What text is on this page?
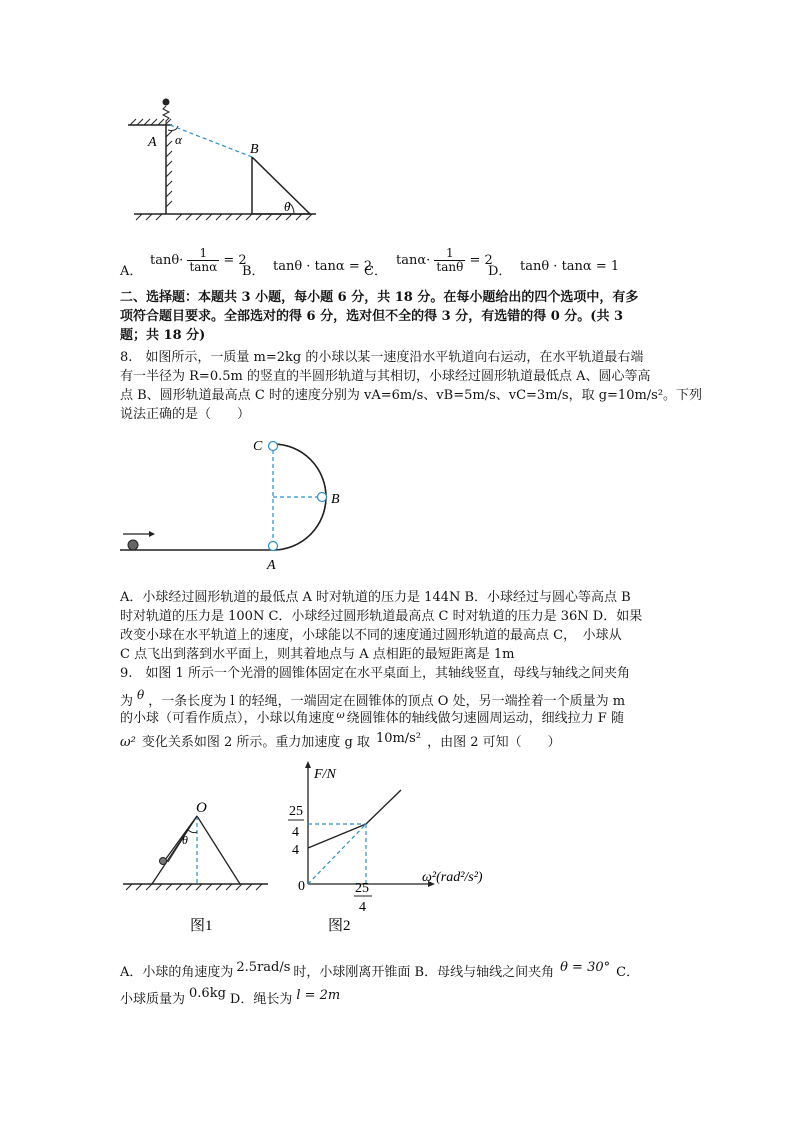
A α
B
θ
A．
$\tan\theta\cdot \frac{1}{\tan\alpha} = 2$
B． tanθ · tanα = 2
C．
$\tan\alpha\cdot \frac{1}{\tan\theta} = 2$
D． tanθ · tanα = 1
二、选择题：本题共 3 小题，每小题 6 分，共 18 分。在每小题给出的四个选项中，有多
项符合题目要求。全部选对的得 6 分，选对但不全的得 3 分，有选错的得 0 分。(共 3
题；共 18 分)
8.　如图所示，一质量 m=2kg 的小球以某一速度沿水平轨道向右运动，在水平轨道最右端
有一半径为 R=0.5m 的竖直的半圆形轨道与其相切，小球经过圆形轨道最低点 A、圆心等高
点 B、圆形轨道最高点 C 时的速度分别为 vA=6m/s、vB=5m/s、vC=3m/s，取 g=10m/s²。下列
说法正确的是（　　）
C
B
A
A．小球经过圆形轨道的最低点 A 时对轨道的压力是 144N B．小球经过与圆心等高点 B
时对轨道的压力是 100N C．小球经过圆形轨道最高点 C 时对轨道的压力是 36N D．如果
改变小球在水平轨道上的速度，小球能以不同的速度通过圆形轨道的最高点 C，　小球从
C 点飞出到落到水平面上，则其着地点与 A 点相距的最短距离是 1m
9.　如图 1 所示一个光滑的圆锥体固定在水平桌面上，其轴线竖直，母线与轴线之间夹角
为 θ ，一条长度为 l 的轻绳，一端固定在圆锥体的顶点 O 处，另一端拴着一个质量为 m
的小球（可看作质点），小球以角速度 $^\omega$ 绕圆锥体的轴线做匀速圆周运动，细线拉力 F 随
ω² 变化关系如图 2 所示。重力加速度 g 取 10m/s² ，由图 2 可知（　　）
O
θ
图1
F/N
25
4
4
0	25
4
ω²(rad²/s²)
图2
A．小球的角速度为 2.5rad/s 时，小球刚离开锥面 B．母线与轴线之间夹角 θ = 30° C．
小球质量为 0.6kg D．绳长为 l = 2m
